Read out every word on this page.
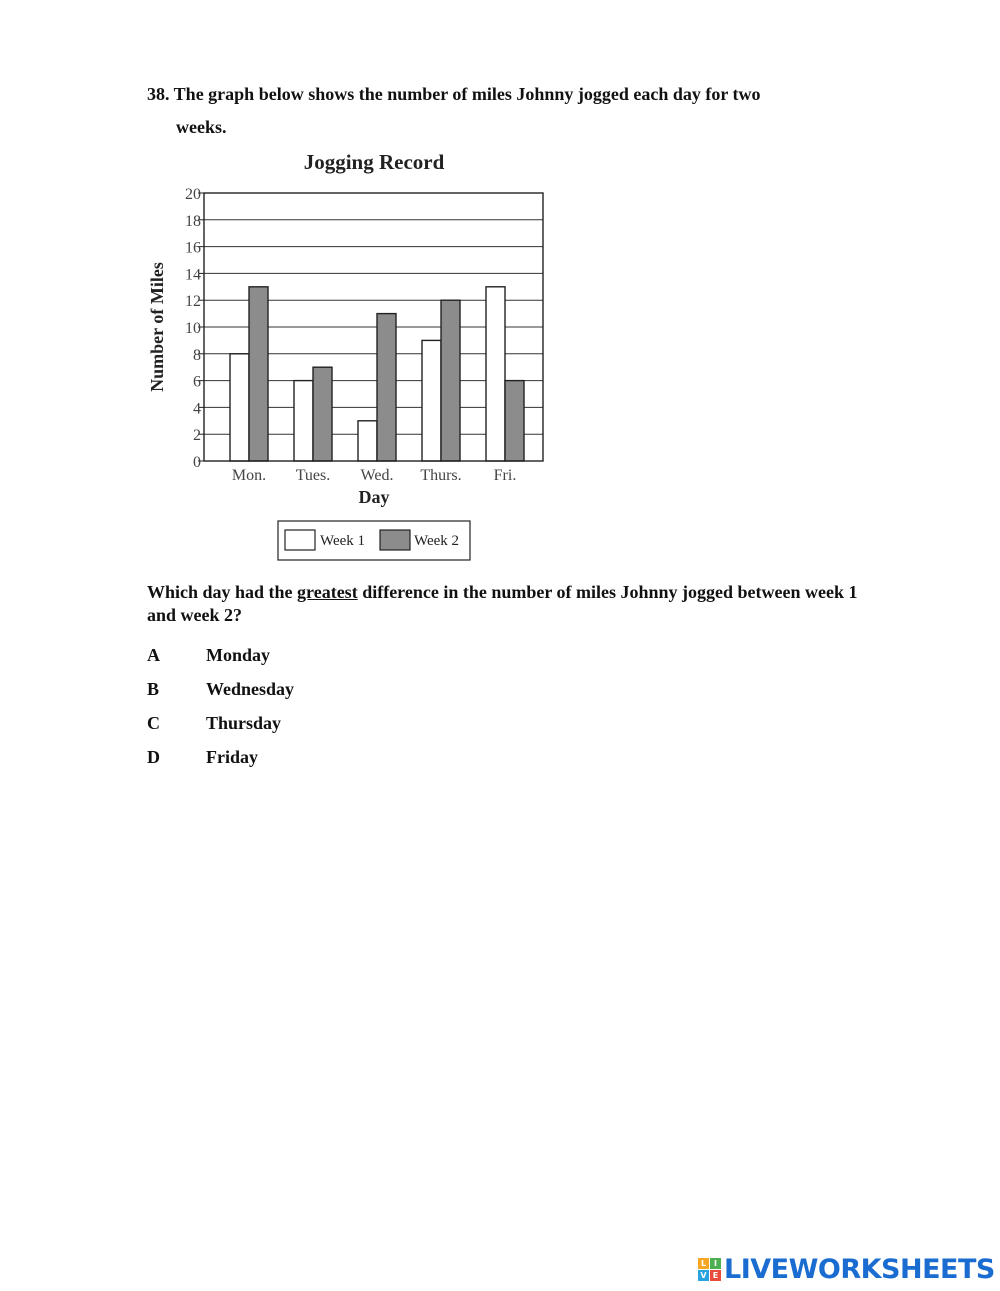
38. The graph below shows the number of miles Johnny jogged each day for two
weeks.
Jogging Record
0
2
4
6
8
10
12
14
16
18
20
Mon. Tues. Wed. Thurs. Fri.
Number of Miles
Day
Week 1	Week 2
Which day had the greatest difference in the number of miles Johnny jogged between week 1 and week 2?
A	Monday
B	Wednesday
C	Thursday
D	Friday
L I
V E LIVEWORKSHEETS
